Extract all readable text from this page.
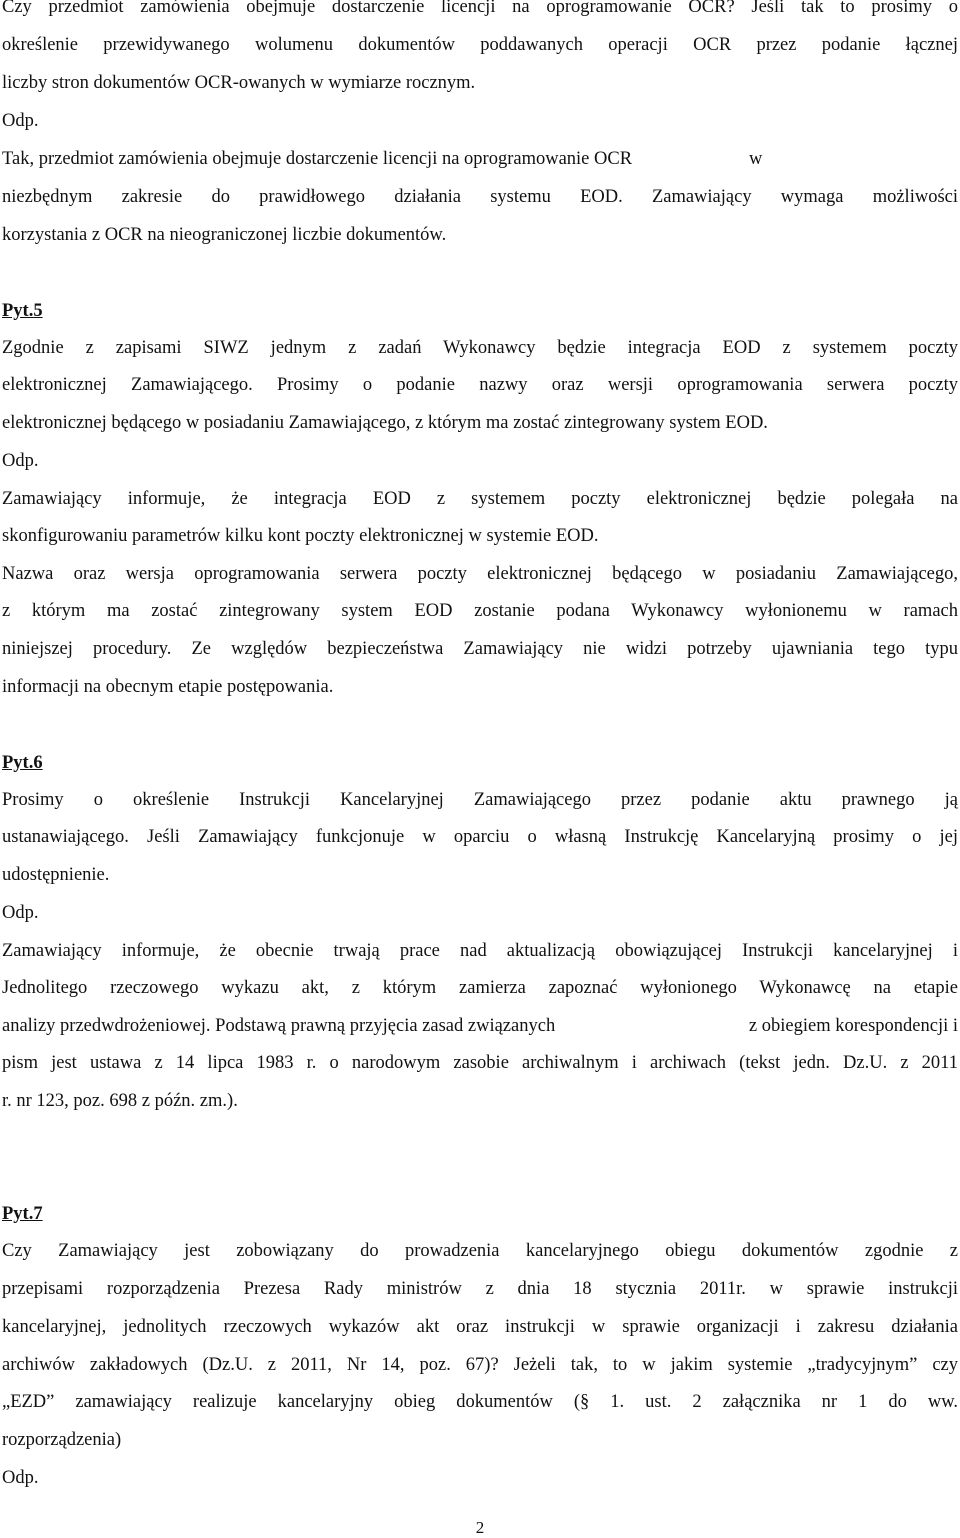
Czy przedmiot zamówienia obejmuje dostarczenie licencji na oprogramowanie OCR? Jeśli tak to prosimy o
określenie przewidywanego wolumenu dokumentów poddawanych operacji OCR przez podanie łącznej
liczby stron dokumentów OCR-owanych w wymiarze rocznym.
Odp.
Tak, przedmiot zamówienia obejmuje dostarczenie licencji na oprogramowanie OCR	w
niezbędnym zakresie do prawidłowego działania systemu EOD. Zamawiający wymaga możliwości
korzystania z OCR na nieograniczonej liczbie dokumentów.
Pyt.5
Zgodnie z zapisami SIWZ jednym z zadań Wykonawcy będzie integracja EOD z systemem poczty
elektronicznej Zamawiającego. Prosimy o podanie nazwy oraz wersji oprogramowania serwera poczty
elektronicznej będącego w posiadaniu Zamawiającego, z którym ma zostać zintegrowany system EOD.
Odp.
Zamawiający informuje, że integracja EOD z systemem poczty elektronicznej będzie polegała na
skonfigurowaniu parametrów kilku kont poczty elektronicznej w systemie EOD.
Nazwa oraz wersja oprogramowania serwera poczty elektronicznej będącego w posiadaniu Zamawiającego,
z którym ma zostać zintegrowany system EOD zostanie podana Wykonawcy wyłonionemu w ramach
niniejszej procedury. Ze względów bezpieczeństwa Zamawiający nie widzi potrzeby ujawniania tego typu
informacji na obecnym etapie postępowania.
Pyt.6
Prosimy o określenie Instrukcji Kancelaryjnej Zamawiającego przez podanie aktu prawnego ją
ustanawiającego. Jeśli Zamawiający funkcjonuje w oparciu o własną Instrukcję Kancelaryjną prosimy o jej
udostępnienie.
Odp.
Zamawiający informuje, że obecnie trwają prace nad aktualizacją obowiązującej Instrukcji kancelaryjnej i
Jednolitego rzeczowego wykazu akt, z którym zamierza zapoznać wyłonionego Wykonawcę na etapie
analizy przedwdrożeniowej. Podstawą prawną przyjęcia zasad związanych	z obiegiem korespondencji i
pism jest ustawa z 14 lipca 1983 r. o narodowym zasobie archiwalnym i archiwach (tekst jedn. Dz.U. z 2011
r. nr 123, poz. 698 z późn. zm.).
Pyt.7
Czy Zamawiający jest zobowiązany do prowadzenia kancelaryjnego obiegu dokumentów zgodnie z
przepisami rozporządzenia Prezesa Rady ministrów z dnia 18 stycznia 2011r. w sprawie instrukcji
kancelaryjnej, jednolitych rzeczowych wykazów akt oraz instrukcji w sprawie organizacji i zakresu działania
archiwów zakładowych (Dz.U. z 2011, Nr 14, poz. 67)? Jeżeli tak, to w jakim systemie „tradycyjnym” czy
„EZD” zamawiający realizuje kancelaryjny obieg dokumentów (§ 1. ust. 2 załącznika nr 1 do ww.
rozporządzenia)
Odp.
2
